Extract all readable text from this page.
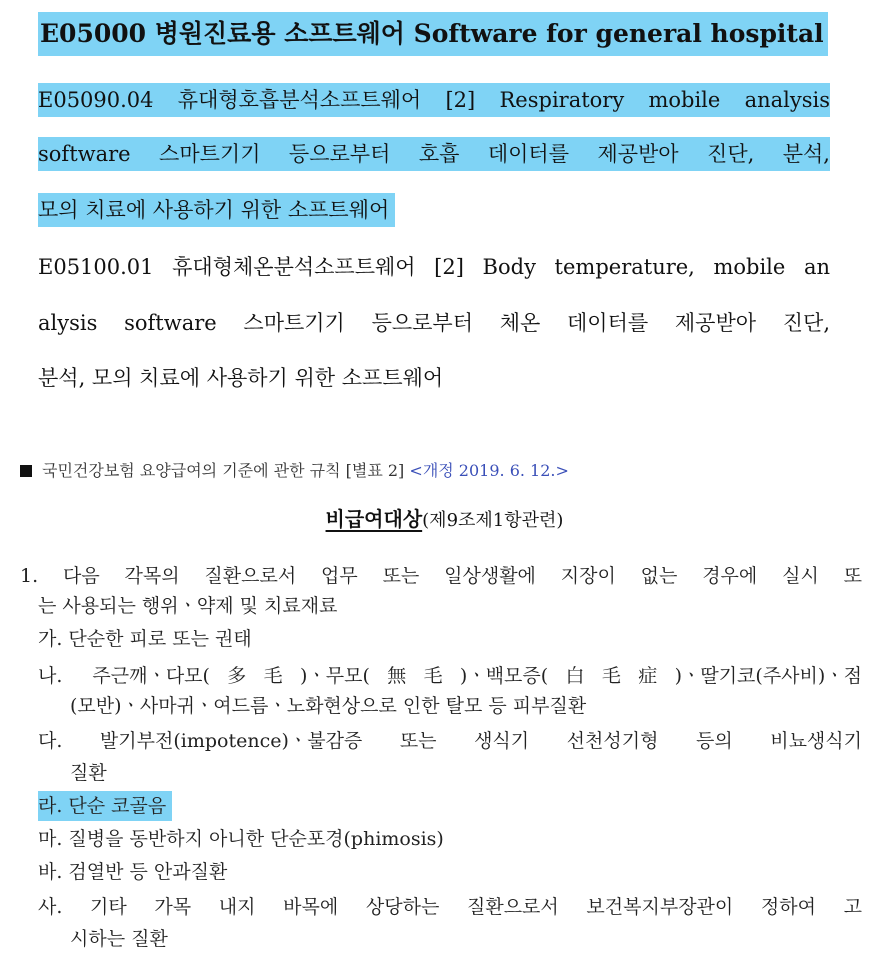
E05000 병원진료용 소프트웨어 Software for general hospital
E05090.04 휴대형호흡분석소프트웨어 [2] Respiratory mobile analysis
software 스마트기기 등으로부터 호흡 데이터를 제공받아 진단, 분석,
모의 치료에 사용하기 위한 소프트웨어
E05100.01 휴대형체온분석소프트웨어 [2] Body temperature, mobile an
alysis software 스마트기기 등으로부터 체온 데이터를 제공받아 진단,
분석, 모의 치료에 사용하기 위한 소프트웨어
국민건강보험 요양급여의 기준에 관한 규칙 [별표 2] <개정 2019. 6. 12.>
비급여대상(제9조제1항관련)
1. 다음 각목의 질환으로서 업무 또는 일상생활에 지장이 없는 경우에 실시 또
는 사용되는 행위ㆍ약제 및 치료재료
가. 단순한 피로 또는 권태
나. 주근깨ㆍ다모(多毛)ㆍ무모(無毛)ㆍ백모증(白毛症)ㆍ딸기코(주사비)ㆍ점
(모반)ㆍ사마귀ㆍ여드름ㆍ노화현상으로 인한 탈모 등 피부질환
다. 발기부전(impotence)ㆍ불감증 또는 생식기 선천성기형 등의 비뇨생식기
질환
라. 단순 코골음
마. 질병을 동반하지 아니한 단순포경(phimosis)
바. 검열반 등 안과질환
사. 기타 가목 내지 바목에 상당하는 질환으로서 보건복지부장관이 정하여 고
시하는 질환
